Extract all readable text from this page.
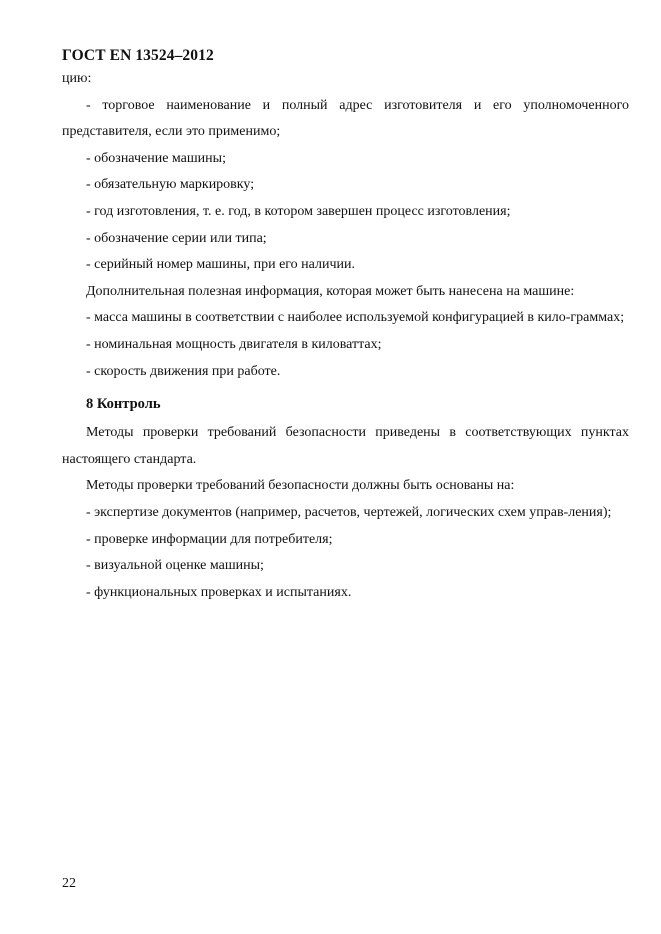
ГОСТ EN 13524–2012

цию:

- торговое наименование и полный адрес изготовителя и его уполномоченного представителя, если это применимо;

- обозначение машины;

- обязательную маркировку;

- год изготовления, т. е. год, в котором завершен процесс изготовления;

- обозначение серии или типа;

- серийный номер машины, при его наличии.

Дополнительная полезная информация, которая может быть нанесена на машине:

- масса машины в соответствии с наиболее используемой конфигурацией в кило-граммах;

- номинальная мощность двигателя в киловаттах;

- скорость движения при работе.

8 Контроль

Методы проверки требований безопасности приведены в соответствующих пунктах настоящего стандарта.

Методы проверки требований безопасности должны быть основаны на:

- экспертизе документов (например, расчетов, чертежей, логических схем управ-ления);

- проверке информации для потребителя;

- визуальной оценке машины;

- функциональных проверках и испытаниях.

22
